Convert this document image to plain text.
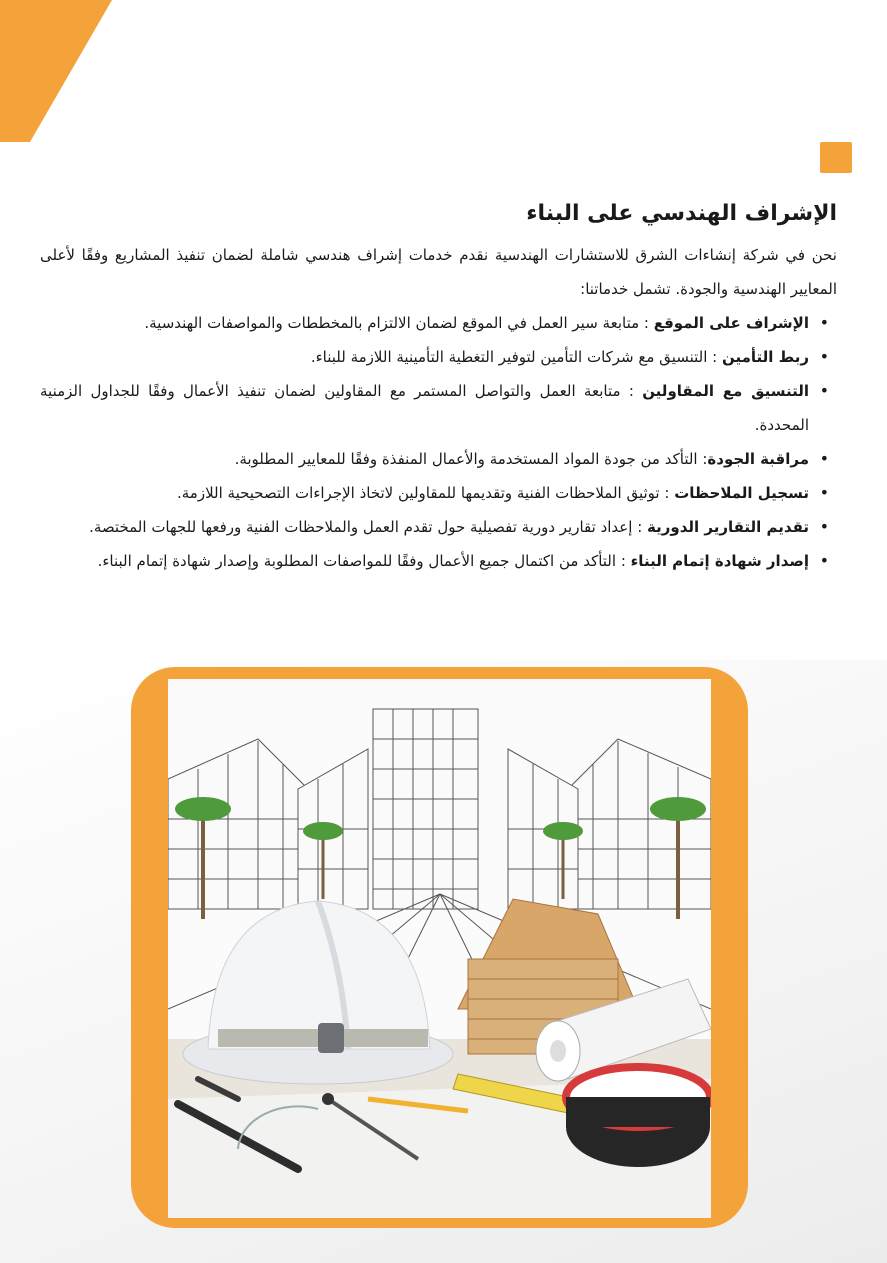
الإشراف الهندسي على البناء

نحن في شركة إنشاءات الشرق للاستشارات الهندسية نقدم خدمات إشراف هندسي شاملة لضمان تنفيذ المشاريع وفقًا لأعلى المعايير الهندسية والجودة. تشمل خدماتنا:

• الإشراف على الموقع : متابعة سير العمل في الموقع لضمان الالتزام بالمخططات والمواصفات الهندسية.
• ربط التأمين : التنسيق مع شركات التأمين لتوفير التغطية التأمينية اللازمة للبناء.
• التنسيق مع المقاولين : متابعة العمل والتواصل المستمر مع المقاولين لضمان تنفيذ الأعمال وفقًا للجداول الزمنية المحددة.
• مراقبة الجودة: التأكد من جودة المواد المستخدمة والأعمال المنفذة وفقًا للمعايير المطلوبة.
• تسجيل الملاحظات : توثيق الملاحظات الفنية وتقديمها للمقاولين لاتخاذ الإجراءات التصحيحية اللازمة.
• تقديم التقارير الدورية : إعداد تقارير دورية تفصيلية حول تقدم العمل والملاحظات الفنية ورفعها للجهات المختصة.
• إصدار شهادة إتمام البناء : التأكد من اكتمال جميع الأعمال وفقًا للمواصفات المطلوبة وإصدار شهادة إتمام البناء.
